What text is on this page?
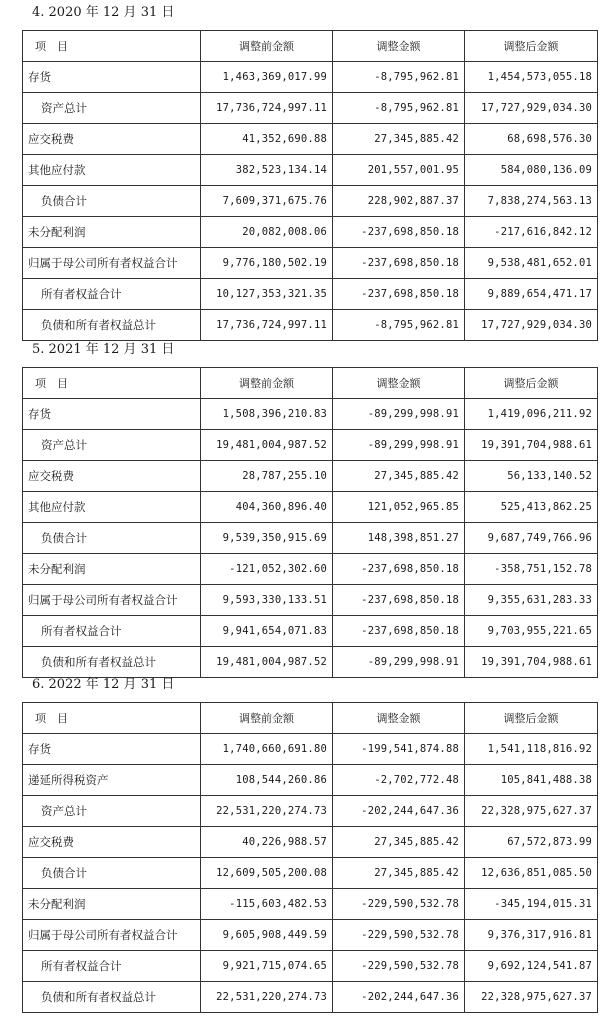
4. 2020 年 12 月 31 日
项　目	调整前金额	调整金额	调整后金额
存货	1,463,369,017.99	-8,795,962.81	1,454,573,055.18
资产总计	17,736,724,997.11	-8,795,962.81	17,727,929,034.30
应交税费	41,352,690.88	27,345,885.42	68,698,576.30
其他应付款	382,523,134.14	201,557,001.95	584,080,136.09
负债合计	7,609,371,675.76	228,902,887.37	7,838,274,563.13
未分配利润	20,082,008.06	-237,698,850.18	-217,616,842.12
归属于母公司所有者权益合计	9,776,180,502.19	-237,698,850.18	9,538,481,652.01
所有者权益合计	10,127,353,321.35	-237,698,850.18	9,889,654,471.17
负债和所有者权益总计	17,736,724,997.11	-8,795,962.81	17,727,929,034.30
5. 2021 年 12 月 31 日
项　目	调整前金额	调整金额	调整后金额
存货	1,508,396,210.83	-89,299,998.91	1,419,096,211.92
资产总计	19,481,004,987.52	-89,299,998.91	19,391,704,988.61
应交税费	28,787,255.10	27,345,885.42	56,133,140.52
其他应付款	404,360,896.40	121,052,965.85	525,413,862.25
负债合计	9,539,350,915.69	148,398,851.27	9,687,749,766.96
未分配利润	-121,052,302.60	-237,698,850.18	-358,751,152.78
归属于母公司所有者权益合计	9,593,330,133.51	-237,698,850.18	9,355,631,283.33
所有者权益合计	9,941,654,071.83	-237,698,850.18	9,703,955,221.65
负债和所有者权益总计	19,481,004,987.52	-89,299,998.91	19,391,704,988.61
6. 2022 年 12 月 31 日
项　目	调整前金额	调整金额	调整后金额
存货	1,740,660,691.80	-199,541,874.88	1,541,118,816.92
递延所得税资产	108,544,260.86	-2,702,772.48	105,841,488.38
资产总计	22,531,220,274.73	-202,244,647.36	22,328,975,627.37
应交税费	40,226,988.57	27,345,885.42	67,572,873.99
负债合计	12,609,505,200.08	27,345,885.42	12,636,851,085.50
未分配利润	-115,603,482.53	-229,590,532.78	-345,194,015.31
归属于母公司所有者权益合计	9,605,908,449.59	-229,590,532.78	9,376,317,916.81
所有者权益合计	9,921,715,074.65	-229,590,532.78	9,692,124,541.87
负债和所有者权益总计	22,531,220,274.73	-202,244,647.36	22,328,975,627.37
